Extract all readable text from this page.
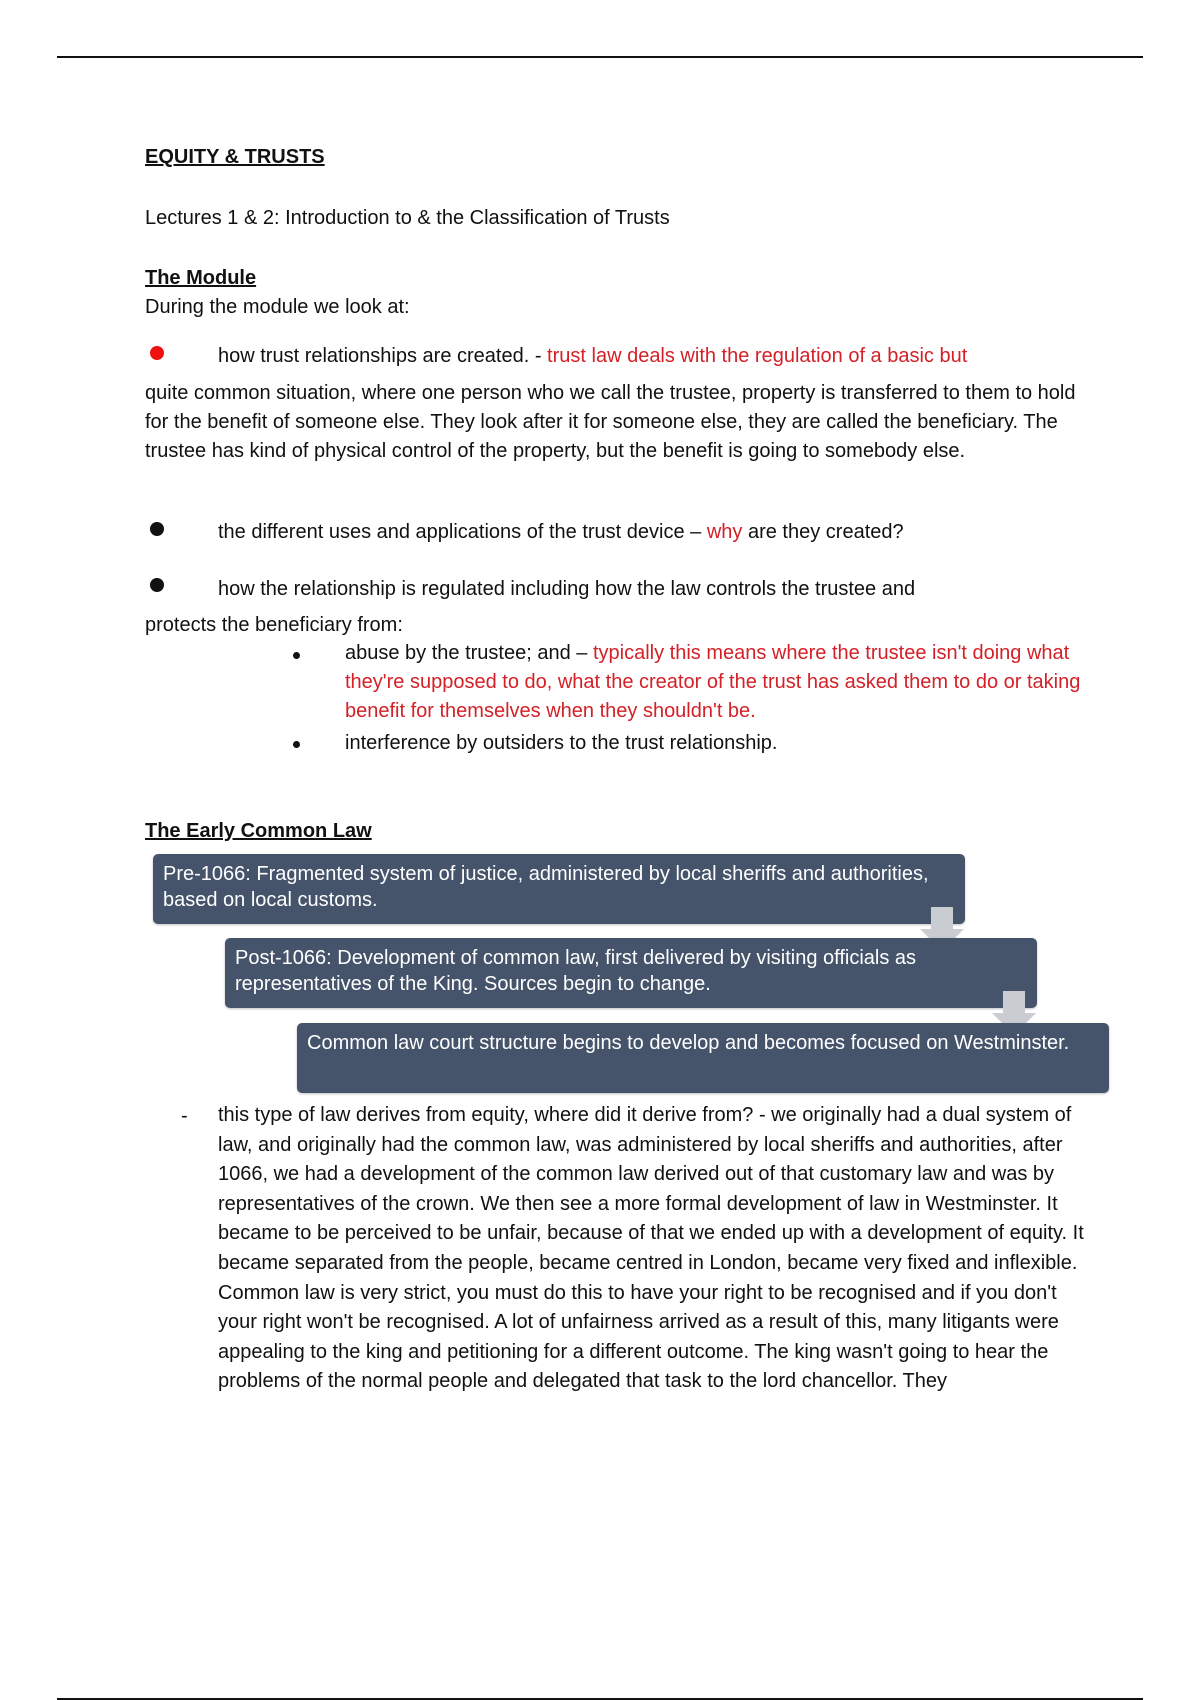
EQUITY & TRUSTS

Lectures 1 & 2: Introduction to & the Classification of Trusts

The Module

During the module we look at:

how trust relationships are created. - trust law deals with the regulation of a basic but

quite common situation, where one person who we call the trustee, property is transferred to them to hold for the benefit of someone else. They look after it for someone else, they are called the beneficiary. The trustee has kind of physical control of the property, but the benefit is going to somebody else.

the different uses and applications of the trust device – why are they created?

how the relationship is regulated including how the law controls the trustee and

protects the beneficiary from:

abuse by the trustee; and – typically this means where the trustee isn't doing what they're supposed to do, what the creator of the trust has asked them to do or taking benefit for themselves when they shouldn't be.

interference by outsiders to the trust relationship.

The Early Common Law
Pre-1066: Fragmented system of justice, administered by local sheriffs and authorities, based on local customs.
Post-1066: Development of common law, first delivered by visiting officials as representatives of the King. Sources begin to change.
Common law court structure begins to develop and becomes focused on Westminster.
- this type of law derives from equity, where did it derive from? - we originally had a dual system of law, and originally had the common law, was administered by local sheriffs and authorities, after 1066, we had a development of the common law derived out of that customary law and was by representatives of the crown. We then see a more formal development of law in Westminster. It became to be perceived to be unfair, because of that we ended up with a development of equity. It became separated from the people, became centred in London, became very fixed and inflexible. Common law is very strict, you must do this to have your right to be recognised and if you don't your right won't be recognised. A lot of unfairness arrived as a result of this, many litigants were appealing to the king and petitioning for a different outcome. The king wasn't going to hear the problems of the normal people and delegated that task to the lord chancellor. They
